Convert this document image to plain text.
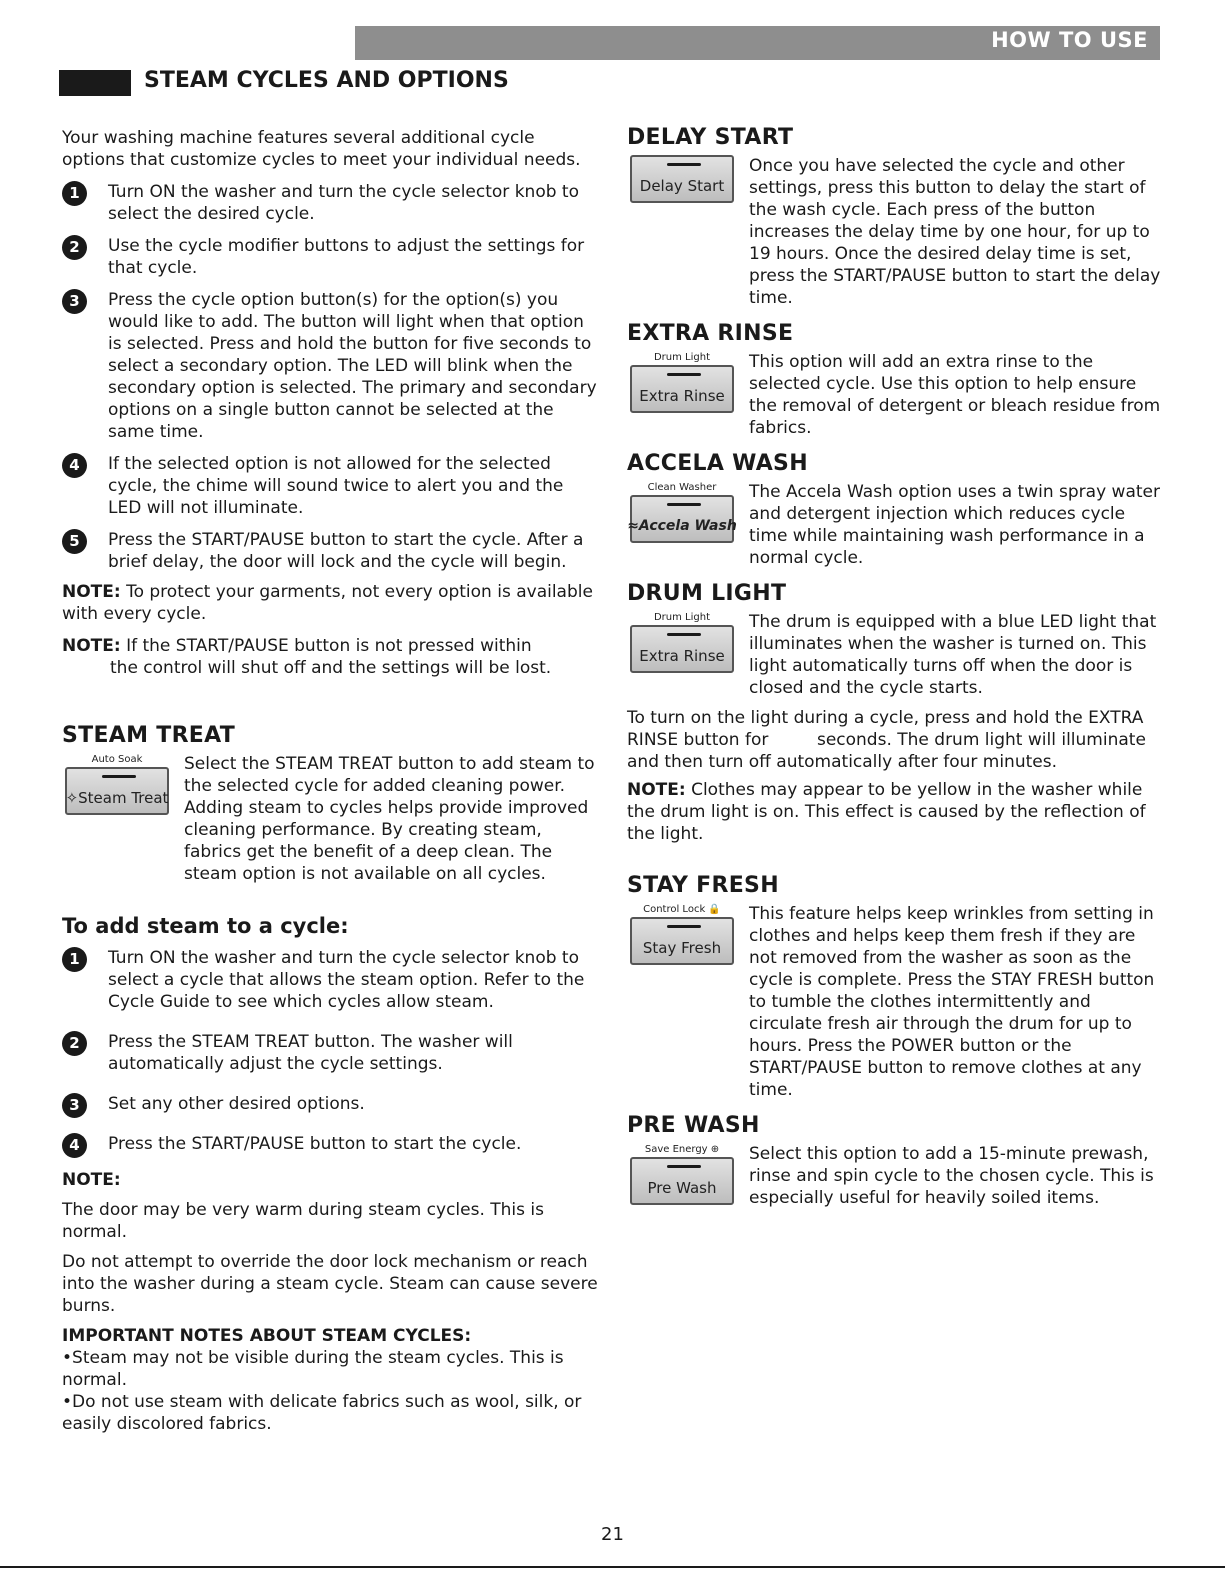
HOW TO USE
STEAM CYCLES AND OPTIONS

Your washing machine features several additional cycle options that customize cycles to meet your individual needs.

1	Turn ON the washer and turn the cycle selector knob to select the desired cycle.
2	Use the cycle modifier buttons to adjust the settings for that cycle.
3	Press the cycle option button(s) for the option(s) you would like to add. The button will light when that option is selected. Press and hold the button for five seconds to select a secondary option. The LED will blink when the secondary option is selected. The primary and secondary options on a single button cannot be selected at the same time.
4	If the selected option is not allowed for the selected cycle, the chime will sound twice to alert you and the LED will not illuminate.
5	Press the START/PAUSE button to start the cycle. After a brief delay, the door will lock and the cycle will begin.

NOTE: To protect your garments, not every option is available with every cycle.

NOTE: If the START/PAUSE button is not pressed within
the control will shut off and the settings will be lost.

STEAM TREAT
Auto Soak
✧Steam Treat

Select the STEAM TREAT button to add steam to the selected cycle for added cleaning power. Adding steam to cycles helps provide improved cleaning performance. By creating steam, fabrics get the benefit of a deep clean. The steam option is not available on all cycles.

To add steam to a cycle:
1	Turn ON the washer and turn the cycle selector knob to select a cycle that allows the steam option. Refer to the Cycle Guide to see which cycles allow steam.
2	Press the STEAM TREAT button. The washer will automatically adjust the cycle settings.
3	Set any other desired options.
4	Press the START/PAUSE button to start the cycle.

NOTE:

The door may be very warm during steam cycles. This is normal.

Do not attempt to override the door lock mechanism or reach into the washer during a steam cycle. Steam can cause severe burns.

IMPORTANT NOTES ABOUT STEAM CYCLES:

•Steam may not be visible during the steam cycles. This is normal.

•Do not use steam with delicate fabrics such as wool, silk, or easily discolored fabrics.

DELAY START
Delay Start

Once you have selected the cycle and other settings, press this button to delay the start of the wash cycle. Each press of the button increases the delay time by one hour, for up to 19 hours. Once the desired delay time is set, press the START/PAUSE button to start the delay time.

EXTRA RINSE
Drum Light
Extra Rinse

This option will add an extra rinse to the selected cycle. Use this option to help ensure the removal of detergent or bleach residue from fabrics.

ACCELA WASH
Clean Washer
≈Accela Wash

The Accela Wash option uses a twin spray water and detergent injection which reduces cycle time while maintaining wash performance in a normal cycle.

DRUM LIGHT
Drum Light
Extra Rinse

The drum is equipped with a blue LED light that illuminates when the washer is turned on. This light automatically turns off when the door is closed and the cycle starts.

To turn on the light during a cycle, press and hold the EXTRA RINSE button for         seconds. The drum light will illuminate and then turn off automatically after four minutes.

NOTE: Clothes may appear to be yellow in the washer while the drum light is on. This effect is caused by the reflection of the light.

STAY FRESH
Control Lock 🔒
Stay Fresh

This feature helps keep wrinkles from setting in clothes and helps keep them fresh if they are not removed from the washer as soon as the cycle is complete. Press the STAY FRESH button to tumble the clothes intermittently and circulate fresh air through the drum for up to                hours. Press the POWER button or the START/PAUSE button to remove clothes at any time.

PRE WASH
Save Energy ⊕
Pre Wash

Select this option to add a 15-minute prewash, rinse and spin cycle to the chosen cycle. This is especially useful for heavily soiled items.

21
